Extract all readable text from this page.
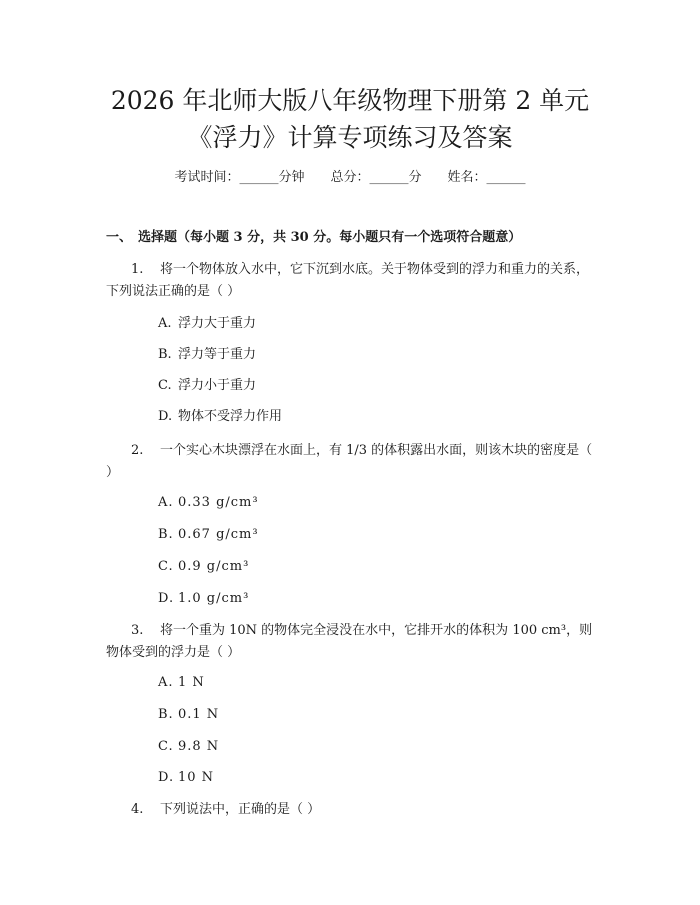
2026 年北师大版八年级物理下册第 2 单元
《浮力》计算专项练习及答案
考试时间：______分钟 总分：______分 姓名：______
一、 选择题（每小题 3 分，共 30 分。每小题只有一个选项符合题意）
1. 将一个物体放入水中，它下沉到水底。关于物体受到的浮力和重力的关系，下列说法正确的是（ ）
A. 浮力大于重力
B. 浮力等于重力
C. 浮力小于重力
D. 物体不受浮力作用
2. 一个实心木块漂浮在水面上，有 1/3 的体积露出水面，则该木块的密度是（ ）
A. 0.33 g/cm³
B. 0.67 g/cm³
C. 0.9 g/cm³
D. 1.0 g/cm³
3. 将一个重为 10N 的物体完全浸没在水中，它排开水的体积为 100 cm³，则物体受到的浮力是（ ）
A. 1 N
B. 0.1 N
C. 9.8 N
D. 10 N
4. 下列说法中，正确的是（ ）
